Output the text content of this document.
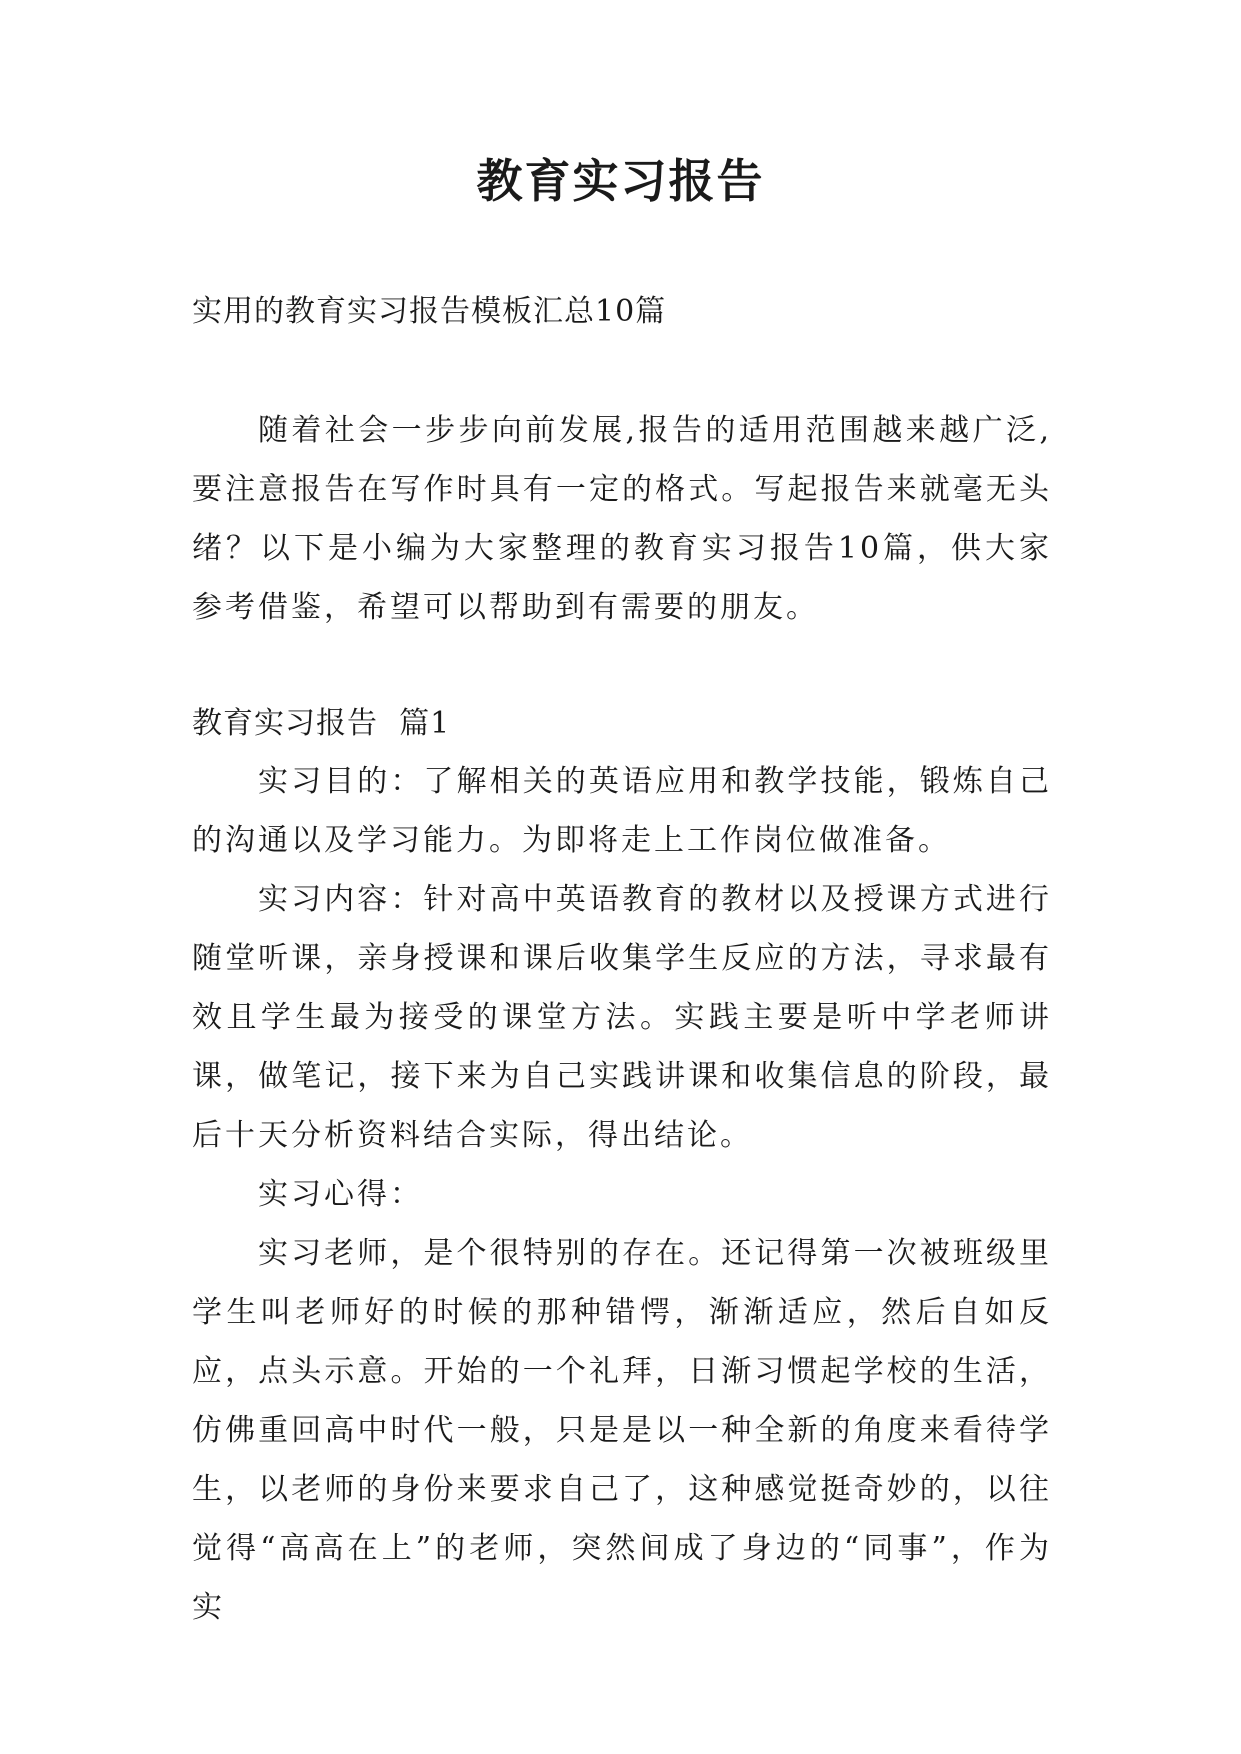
教育实习报告

实用的教育实习报告模板汇总10篇

随着社会一步步向前发展,报告的适用范围越来越广泛,要注意报告在写作时具有一定的格式。写起报告来就毫无头绪？以下是小编为大家整理的教育实习报告10篇，供大家参考借鉴，希望可以帮助到有需要的朋友。

教育实习报告  篇1

实习目的：了解相关的英语应用和教学技能，锻炼自己的沟通以及学习能力。为即将走上工作岗位做准备。

实习内容：针对高中英语教育的教材以及授课方式进行随堂听课，亲身授课和课后收集学生反应的方法，寻求最有效且学生最为接受的课堂方法。实践主要是听中学老师讲课，做笔记，接下来为自己实践讲课和收集信息的阶段，最后十天分析资料结合实际，得出结论。

实习心得：

实习老师，是个很特别的存在。还记得第一次被班级里学生叫老师好的时候的那种错愕，渐渐适应，然后自如反应，点头示意。开始的一个礼拜，日渐习惯起学校的生活，仿佛重回高中时代一般，只是是以一种全新的角度来看待学生，以老师的身份来要求自己了，这种感觉挺奇妙的，以往觉得“高高在上”的老师，突然间成了身边的“同事”，作为实
